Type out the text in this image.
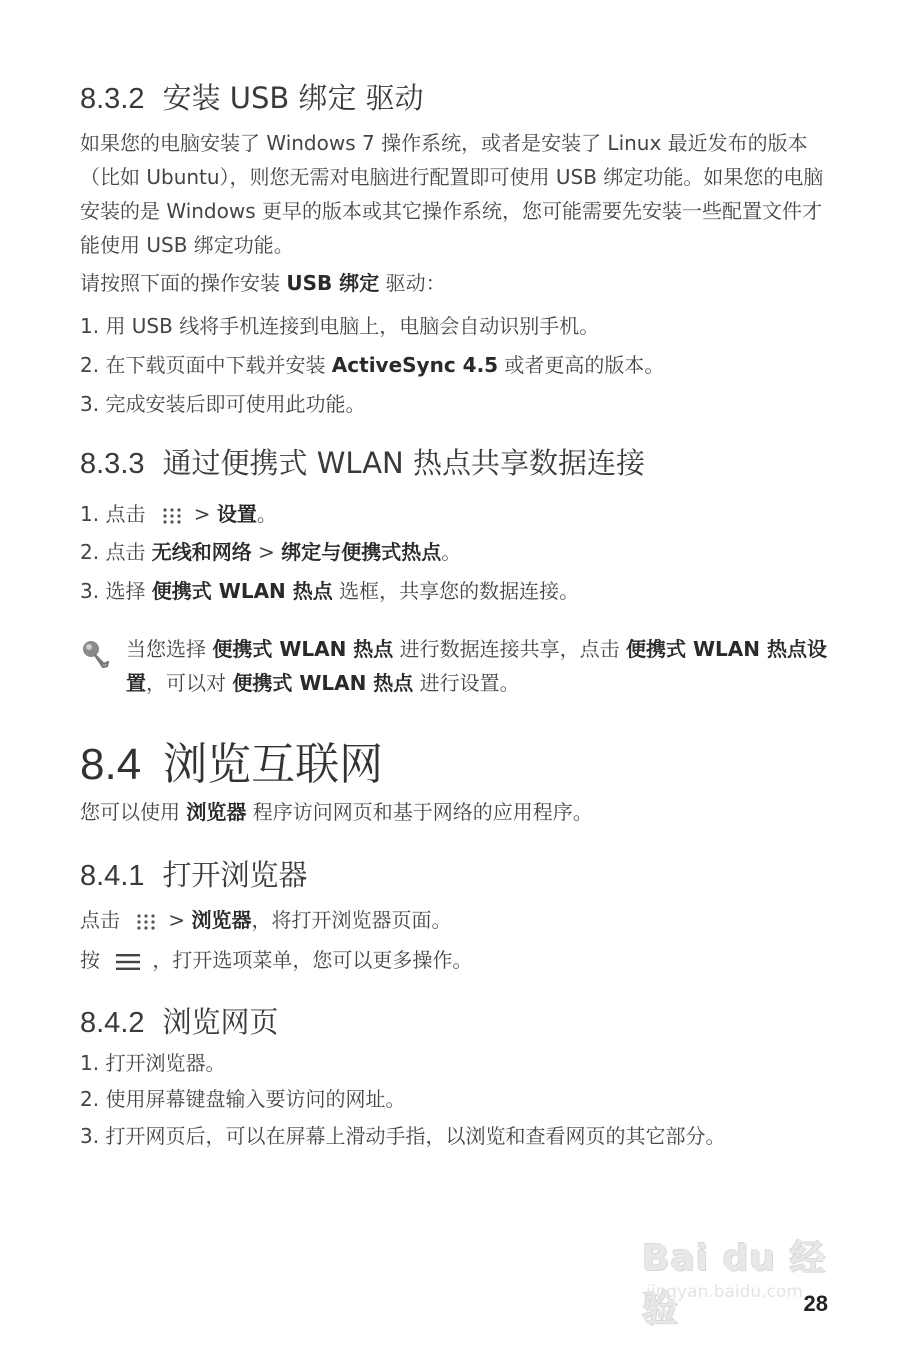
8.3.2 安装 USB 绑定 驱动
如果您的电脑安装了 Windows 7 操作系统，或者是安装了 Linux 最近发布的版本 （比如 Ubuntu），则您无需对电脑进行配置即可使用 USB 绑定功能。如果您的电脑安装的是 Windows 更早的版本或其它操作系统，您可能需要先安装一些配置文件才能使用 USB 绑定功能。
请按照下面的操作安装 USB 绑定 驱动：
1. 用 USB 线将手机连接到电脑上，电脑会自动识别手机。
2. 在下载页面中下载并安装 ActiveSync 4.5 或者更高的版本。
3. 完成安装后即可使用此功能。
8.3.3 通过便携式 WLAN 热点共享数据连接
1. 点击 > 设置。
2. 点击 无线和网络 > 绑定与便携式热点。
3. 选择 便携式 WLAN 热点 选框，共享您的数据连接。
当您选择 便携式 WLAN 热点 进行数据连接共享，点击 便携式 WLAN 热点设置，可以对 便携式 WLAN 热点 进行设置。
8.4 浏览互联网
您可以使用 浏览器 程序访问网页和基于网络的应用程序。
8.4.1 打开浏览器
点击 > 浏览器，将打开浏览器页面。
按 ，打开选项菜单，您可以更多操作。
8.4.2 浏览网页
1. 打开浏览器。
2. 使用屏幕键盘输入要访问的网址。
3. 打开网页后，可以在屏幕上滑动手指，以浏览和查看网页的其它部分。
Bai du 经验
jingyan.baidu.com 28
